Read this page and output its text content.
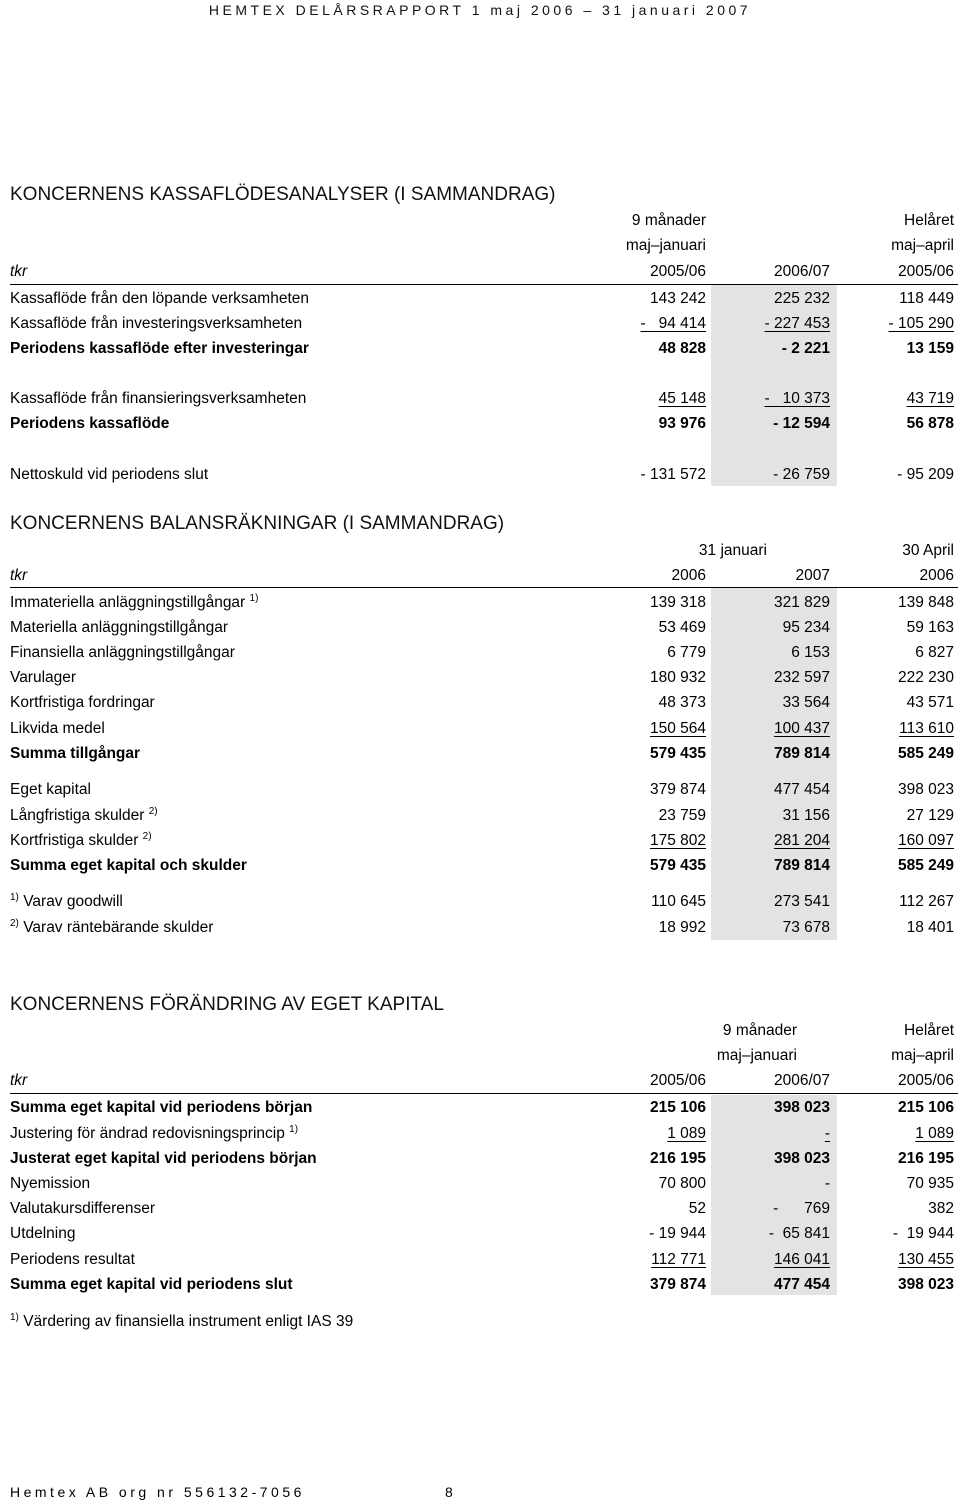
HEMTEX DELÅRSRAPPORT 1 maj 2006 – 31 januari 2007
KONCERNENS KASSAFLÖDESANALYSER (I SAMMANDRAG)
9 månader	Helåret
maj–januari	maj–april
tkr	2005/06	2006/07	2005/06
Kassaflöde från den löpande verksamheten	143 242	225 232	118 449
Kassaflöde från investeringsverksamheten	-   94 414	- 227 453	- 105 290
Periodens kassaflöde efter investeringar	48 828	- 2 221	13 159
Kassaflöde från finansieringsverksamheten	45 148	-   10 373	43 719
Periodens kassaflöde	93 976	- 12 594	56 878
Nettoskuld vid periodens slut	- 131 572	- 26 759	- 95 209
KONCERNENS BALANSRÄKNINGAR (I SAMMANDRAG)
31 januari	30 April
tkr	2006	2007	2006
Immateriella anläggningstillgångar $^{1)}$	139 318	321 829	139 848
Materiella anläggningstillgångar	53 469	95 234	59 163
Finansiella anläggningstillgångar	6 779	6 153	6 827
Varulager	180 932	232 597	222 230
Kortfristiga fordringar	48 373	33 564	43 571
Likvida medel	150 564	100 437	113 610
Summa tillgångar	579 435	789 814	585 249
Eget kapital	379 874	477 454	398 023
Långfristiga skulder $^{2)}$	23 759	31 156	27 129
Kortfristiga skulder $^{2)}$	175 802	281 204	160 097
Summa eget kapital och skulder	579 435	789 814	585 249
$^{1)}$ Varav goodwill	110 645	273 541	112 267
$^{2)}$ Varav räntebärande skulder	18 992	73 678	18 401
KONCERNENS FÖRÄNDRING AV EGET KAPITAL
9 månader	Helåret
maj–januari	maj–april
tkr	2005/06	2006/07	2005/06
Summa eget kapital vid periodens början	215 106	398 023	215 106
Justering för ändrad redovisningsprincip $^{1)}$	1 089	-	1 089
Justerat eget kapital vid periodens början	216 195	398 023	216 195
Nyemission	70 800	-	70 935
Valutakursdifferenser	52	-      769	382
Utdelning	- 19 944	-  65 841	-  19 944
Periodens resultat	112 771	146 041	130 455
Summa eget kapital vid periodens slut	379 874	477 454	398 023
$^{1)}$ Värdering av finansiella instrument enligt IAS 39
Hemtex AB org nr 556132-7056	8
